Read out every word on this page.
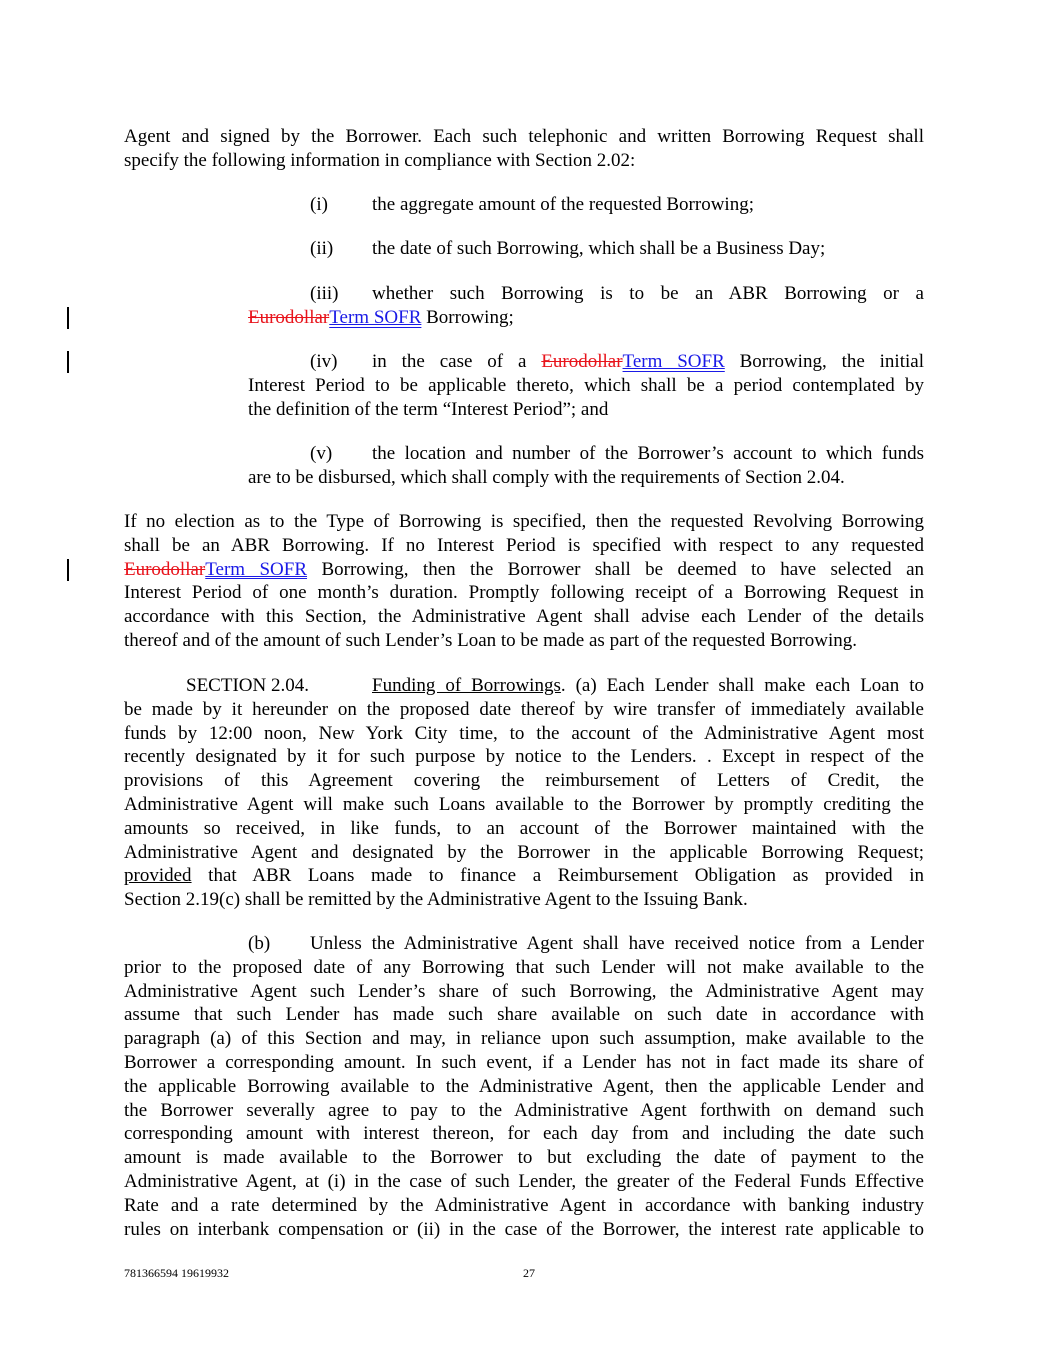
781366594 19619932	27
Agent and signed by the Borrower. Each such telephonic and written Borrowing Request shall
specify the following information in compliance with Section 2.02:
(i) the aggregate amount of the requested Borrowing;
(ii) the date of such Borrowing, which shall be a Business Day;
(iii) whether such Borrowing is to be an ABR Borrowing or a
EurodollarTerm SOFR Borrowing;
(iv) in the case of a EurodollarTerm SOFR Borrowing, the initial
Interest Period to be applicable thereto, which shall be a period contemplated by
the definition of the term “Interest Period”; and
(v) the location and number of the Borrower’s account to which funds
are to be disbursed, which shall comply with the requirements of Section 2.04.
If no election as to the Type of Borrowing is specified, then the requested Revolving Borrowing
shall be an ABR Borrowing. If no Interest Period is specified with respect to any requested
EurodollarTerm SOFR Borrowing, then the Borrower shall be deemed to have selected an
Interest Period of one month’s duration. Promptly following receipt of a Borrowing Request in
accordance with this Section, the Administrative Agent shall advise each Lender of the details
thereof and of the amount of such Lender’s Loan to be made as part of the requested Borrowing.
SECTION 2.04.	Funding of Borrowings. (a) Each Lender shall make each Loan to
be made by it hereunder on the proposed date thereof by wire transfer of immediately available
funds by 12:00 noon, New York City time, to the account of the Administrative Agent most
recently designated by it for such purpose by notice to the Lenders. . Except in respect of the
provisions of this Agreement covering the reimbursement of Letters of Credit, the
Administrative Agent will make such Loans available to the Borrower by promptly crediting the
amounts so received, in like funds, to an account of the Borrower maintained with the
Administrative Agent and designated by the Borrower in the applicable Borrowing Request;
provided that ABR Loans made to finance a Reimbursement Obligation as provided in
Section 2.19(c) shall be remitted by the Administrative Agent to the Issuing Bank.
(b) Unless the Administrative Agent shall have received notice from a Lender
prior to the proposed date of any Borrowing that such Lender will not make available to the
Administrative Agent such Lender’s share of such Borrowing, the Administrative Agent may
assume that such Lender has made such share available on such date in accordance with
paragraph (a) of this Section and may, in reliance upon such assumption, make available to the
Borrower a corresponding amount. In such event, if a Lender has not in fact made its share of
the applicable Borrowing available to the Administrative Agent, then the applicable Lender and
the Borrower severally agree to pay to the Administrative Agent forthwith on demand such
corresponding amount with interest thereon, for each day from and including the date such
amount is made available to the Borrower to but excluding the date of payment to the
Administrative Agent, at (i) in the case of such Lender, the greater of the Federal Funds Effective
Rate and a rate determined by the Administrative Agent in accordance with banking industry
rules on interbank compensation or (ii) in the case of the Borrower, the interest rate applicable to
